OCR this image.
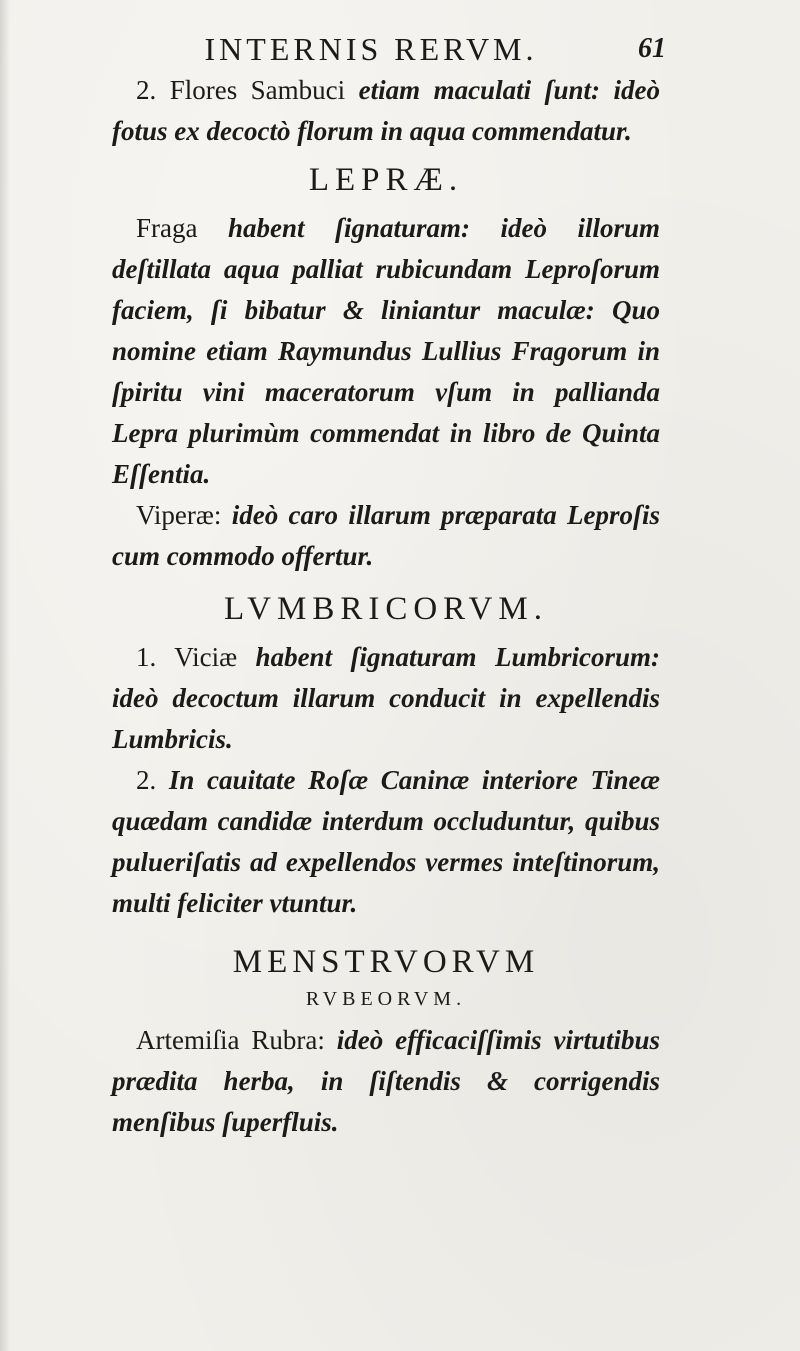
INTERNIS RERVM.	61

2. Flores Sambuci etiam maculati ſunt: ideò fotus ex decoctò florum in aqua commendatur.

LEPRÆ.

Fraga habent ſignaturam: ideò illorum deſtillata aqua palliat rubicundam Leproſorum faciem, ſi bibatur & liniantur maculæ: Quo nomine etiam Raymundus Lullius Fragorum in ſpiritu vini maceratorum vſum in pallianda Lepra plurimùm commendat in libro de Quinta Eſſentia.

Viperæ: ideò caro illarum præparata Leproſis cum commodo offertur.

LVMBRICORVM.

1. Viciæ habent ſignaturam Lumbricorum: ideò decoctum illarum conducit in expellendis Lumbricis.

2. In cauitate Roſæ Caninæ interiore Tineæ quædam candidæ interdum occluduntur, quibus pulueriſatis ad expellendos vermes inteſtinorum, multi feliciter vtuntur.

MENSTRVORVM
RVBEORVM.

Artemiſia Rubra: ideò efficaciſſimis virtutibus prædita herba, in ſiſtendis & corrigendis menſibus ſuperfluis.
